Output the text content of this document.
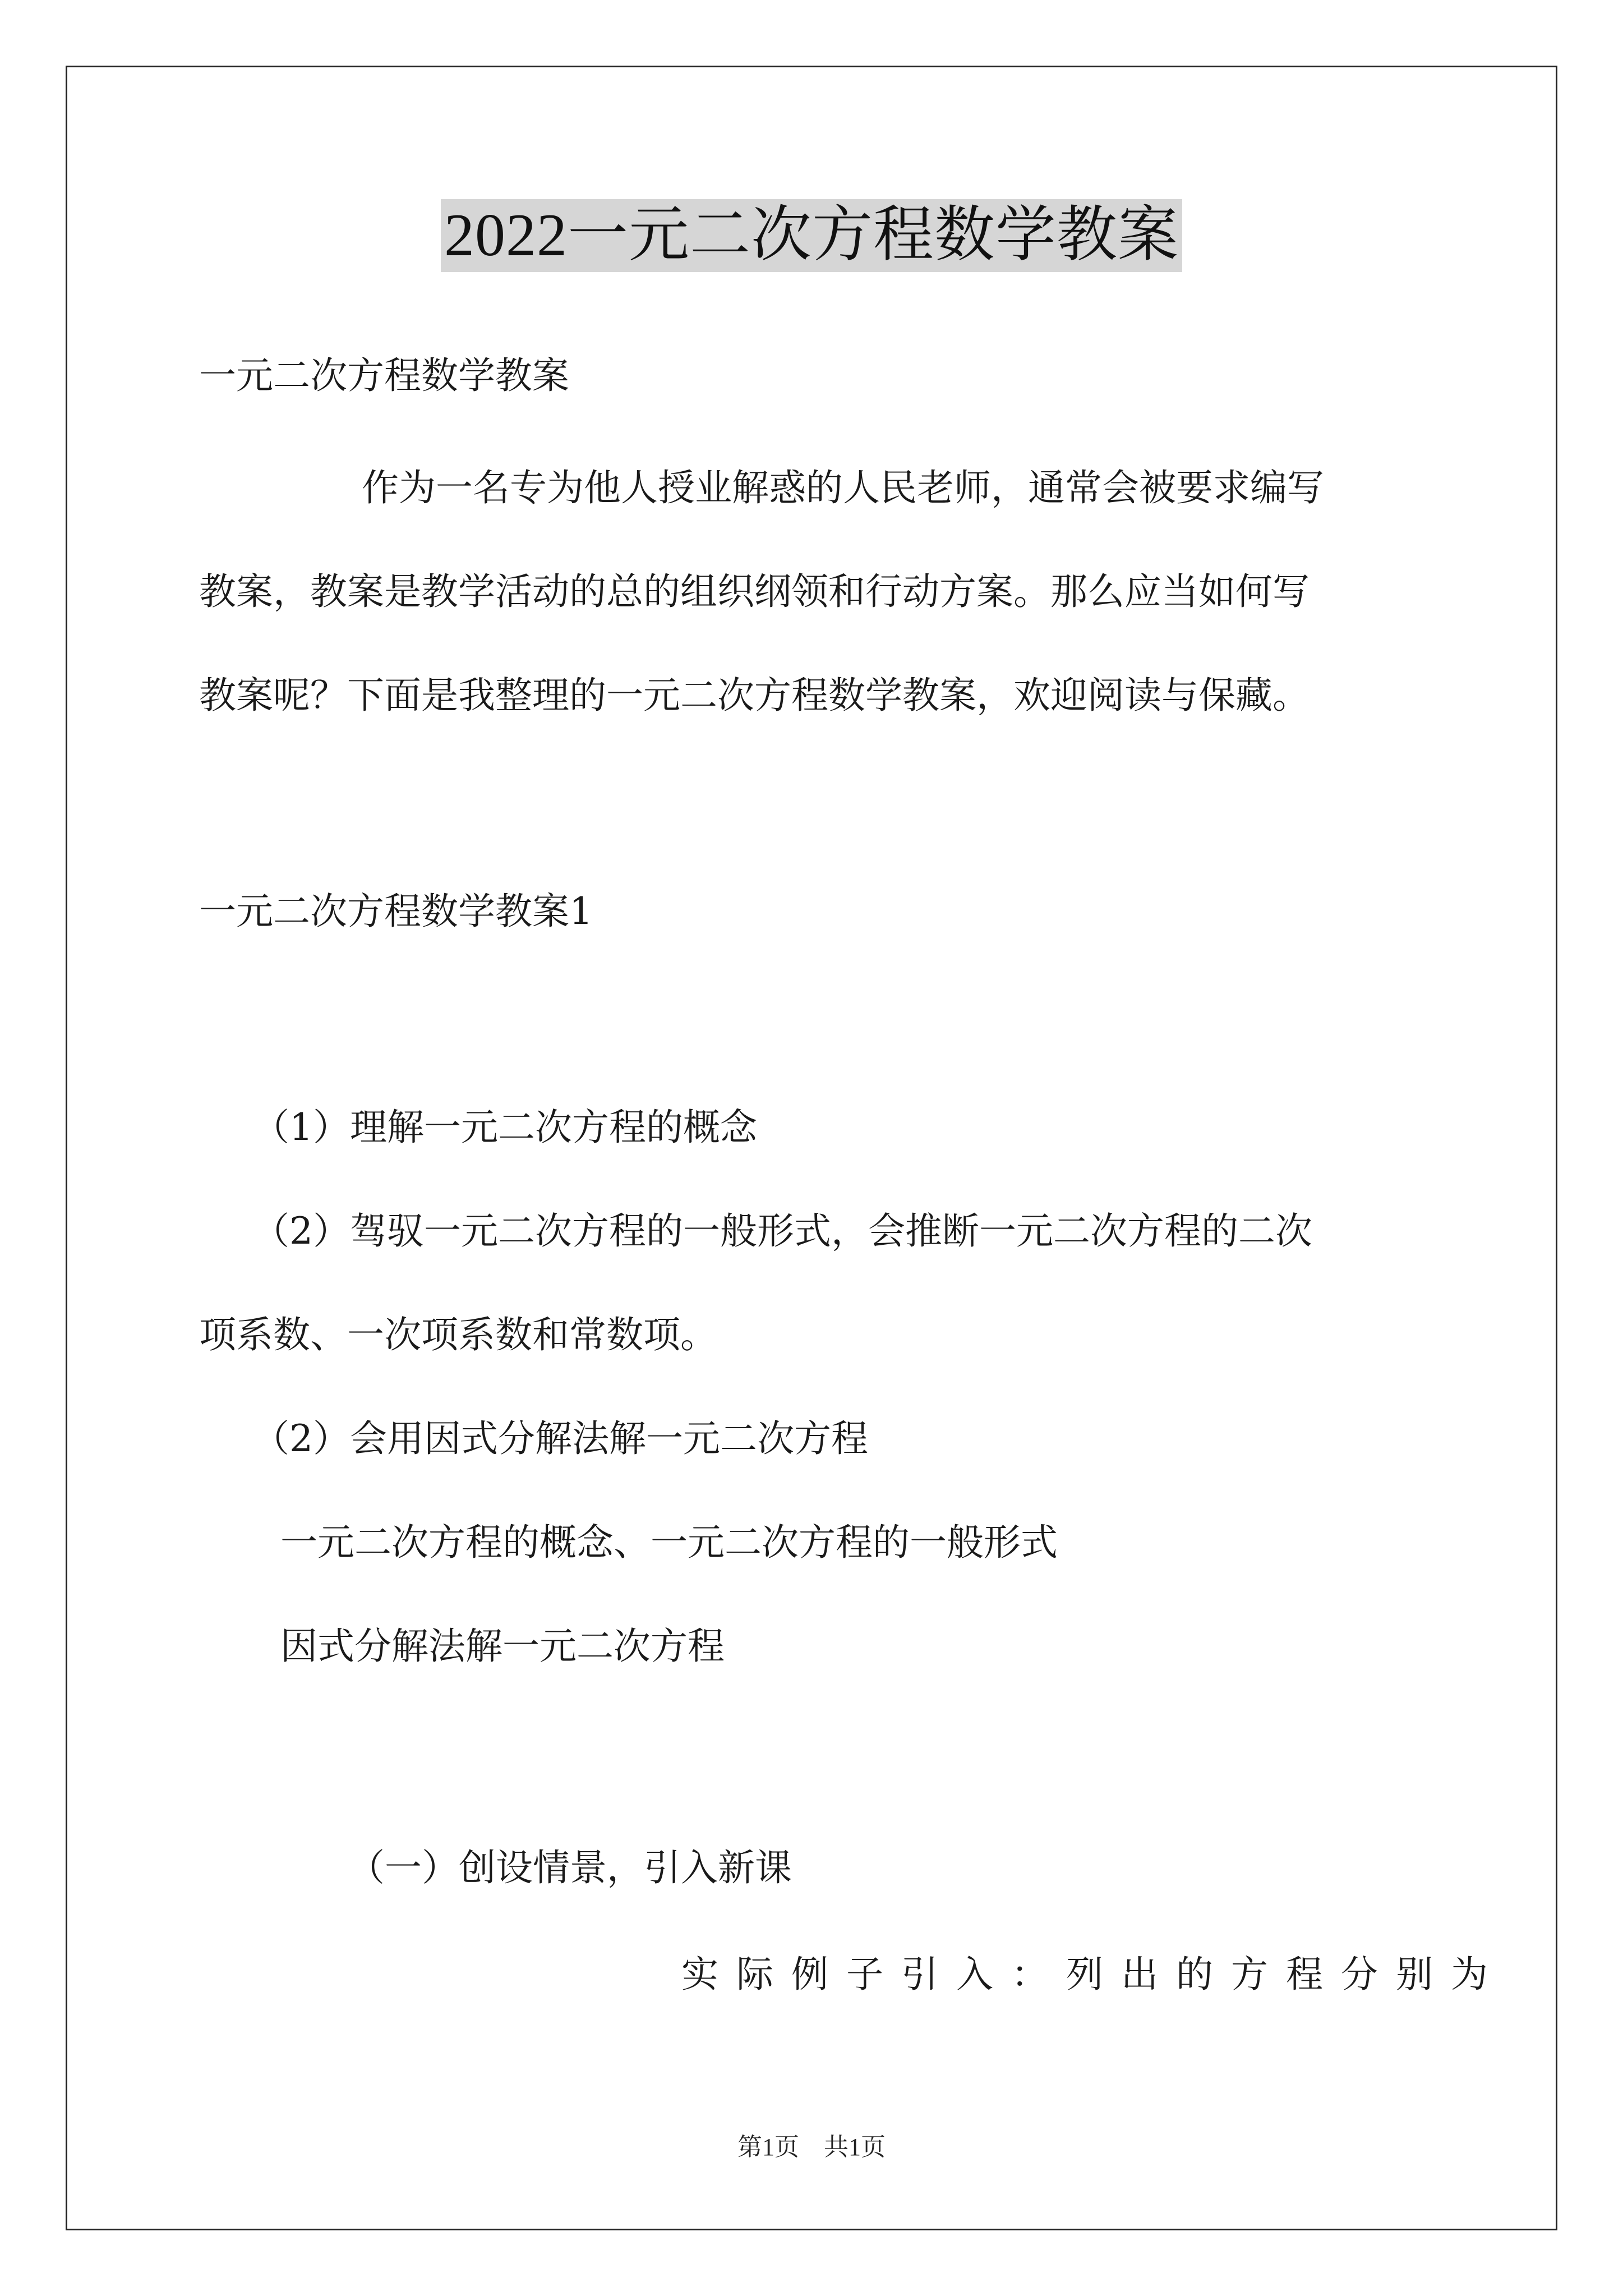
2022一元二次方程数学教案
一元二次方程数学教案
作为一名专为他人授业解惑的人民老师，通常会被要求编写
教案，教案是教学活动的总的组织纲领和行动方案。那么应当如何写
教案呢？下面是我整理的一元二次方程数学教案，欢迎阅读与保藏。
一元二次方程数学教案1
（1）理解一元二次方程的概念
（2）驾驭一元二次方程的一般形式，会推断一元二次方程的二次
项系数、一次项系数和常数项。
（2）会用因式分解法解一元二次方程
一元二次方程的概念、一元二次方程的一般形式
因式分解法解一元二次方程
（一）创设情景，引入新课
实际例子引入：列出的方程分别为
第1页　共1页
